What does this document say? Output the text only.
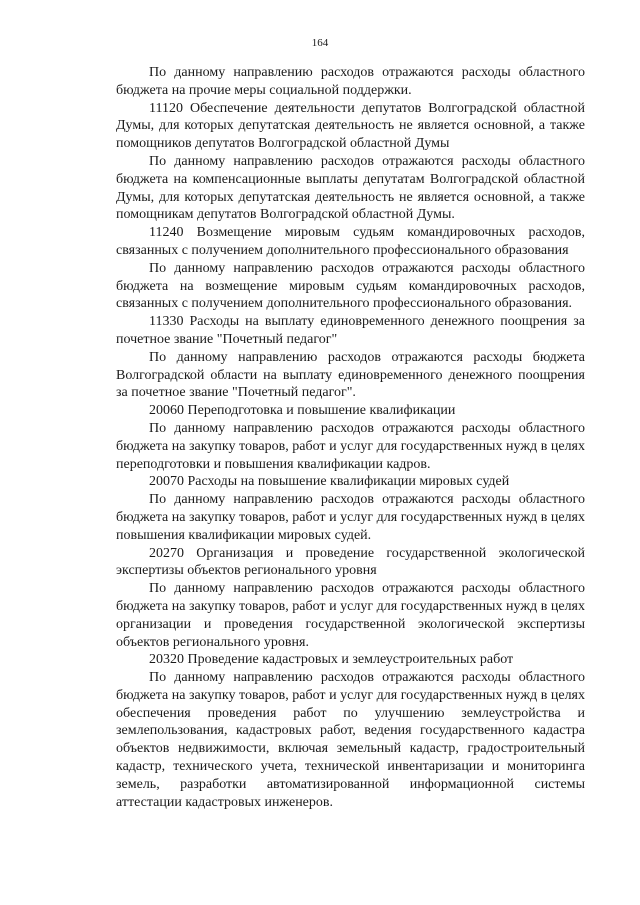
164

По данному направлению расходов отражаются расходы областного бюджета на прочие меры социальной поддержки.

11120 Обеспечение деятельности депутатов Волгоградской областной Думы, для которых депутатская деятельность не является основной, а также помощников депутатов Волгоградской областной Думы

По данному направлению расходов отражаются расходы областного бюджета на компенсационные выплаты депутатам Волгоградской областной Думы, для которых депутатская деятельность не является основной, а также помощникам депутатов Волгоградской областной Думы.

11240 Возмещение мировым судьям командировочных расходов, связанных с получением дополнительного профессионального образования

По данному направлению расходов отражаются расходы областного бюджета на возмещение мировым судьям командировочных расходов, связанных с получением дополнительного профессионального образования.

11330 Расходы на выплату единовременного денежного поощрения за почетное звание "Почетный педагог"

По данному направлению расходов отражаются расходы бюджета Волгоградской области на выплату единовременного денежного поощрения за почетное звание "Почетный педагог".

20060 Переподготовка и повышение квалификации

По данному направлению расходов отражаются расходы областного бюджета на закупку товаров, работ и услуг для государственных нужд в целях переподготовки и повышения квалификации кадров.

20070 Расходы на повышение квалификации мировых судей

По данному направлению расходов отражаются расходы областного бюджета на закупку товаров, работ и услуг для государственных нужд в целях повышения квалификации мировых судей.

20270 Организация и проведение государственной экологической экспертизы объектов регионального уровня

По данному направлению расходов отражаются расходы областного бюджета на закупку товаров, работ и услуг для государственных нужд в целях организации и проведения государственной экологической экспертизы объектов регионального уровня.

20320 Проведение кадастровых и землеустроительных работ

По данному направлению расходов отражаются расходы областного бюджета на закупку товаров, работ и услуг для государственных нужд в целях обеспечения проведения работ по улучшению землеустройства и землепользования, кадастровых работ, ведения государственного кадастра объектов недвижимости, включая земельный кадастр, градостроительный кадастр, технического учета, технической инвентаризации и мониторинга земель, разработки автоматизированной информационной системы аттестации кадастровых инженеров.
